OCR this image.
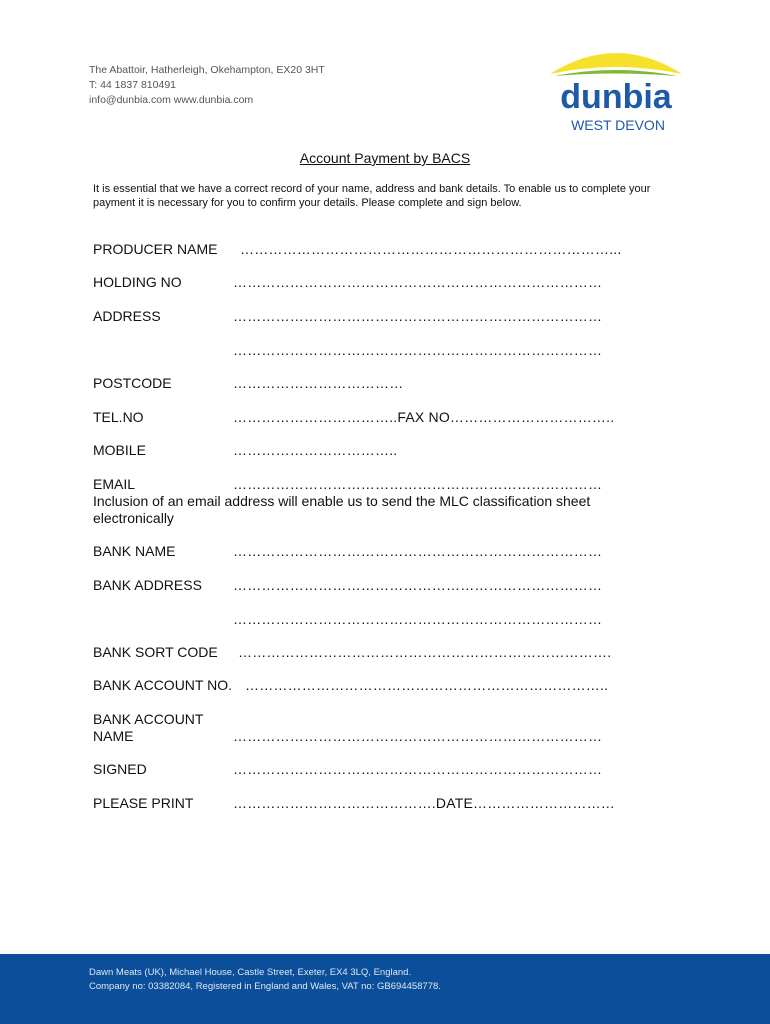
The Abattoir, Hatherleigh, Okehampton, EX20 3HT
T: 44 1837 810491
info@dunbia.com www.dunbia.com	dunbia
WEST DEVON
Account Payment by BACS
It is essential that we have a correct record of your name, address and bank details. To enable us to complete your payment it is necessary for you to confirm your details. Please complete and sign below.
PRODUCER NAME ……………………………………………………………………...
HOLDING NO	……………………………………………………………………
ADDRESS	……………………………………………………………………
……………………………………………………………………
POSTCODE	………………………………
TEL.NO	……………………………..FAX NO……………………………..
MOBILE	……………………………..
EMAIL	……………………………………………………………………
Inclusion of an email address will enable us to send the MLC classification sheet electronically
BANK NAME	……………………………………………………………………
BANK ADDRESS ……………………………………………………………………
……………………………………………………………………
BANK SORT CODE …………………………………………………………………….
BANK ACCOUNT NO. …………………………………………………………………..
BANK ACCOUNT
NAME	……………………………………………………………………
SIGNED	……………………………………………………………………
PLEASE PRINT	…………………………………….DATE…………………………
Dawn Meats (UK), Michael House, Castle Street, Exeter, EX4 3LQ, England.
Company no: 03382084, Registered in England and Wales, VAT no: GB694458778.
